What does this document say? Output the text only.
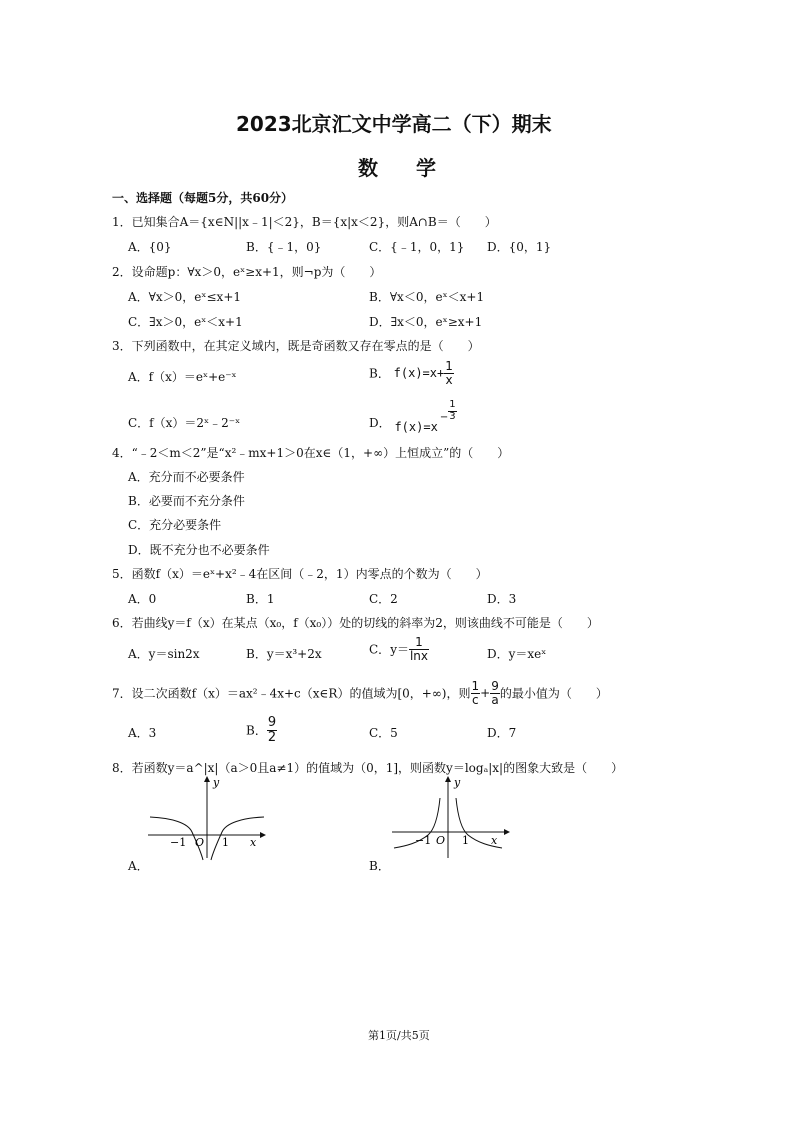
2023北京汇文中学高二（下）期末
数学
一、选择题（每题5分，共60分）
1．已知集合A＝{x∈N||x﹣1|＜2}，B＝{x|x＜2}，则A∩B＝（　　）
A．{0}	B．{﹣1，0}	C．{﹣1，0，1} D．{0，1}
2．设命题p：∀x＞0，eˣ≥x+1，则¬p为（　　）
A．∀x＞0，eˣ≤x+1	B．∀x＜0，eˣ＜x+1
C．∃x＞0，eˣ＜x+1	D．∃x＜0，eˣ≥x+1
3．下列函数中，在其定义域内，既是奇函数又存在零点的是（　　）
A．f（x）＝eˣ+e⁻ˣ	B． $f(x)=x+ \frac{1}{x}$
C．f（x）＝2ˣ﹣2⁻ˣ	D． $f(x)=x- \frac{1}{3}$
4．“﹣2＜m＜2”是“x²﹣mx+1＞0在x∈（1，+∞）上恒成立”的（　　）
A．充分而不必要条件
B．必要而不充分条件
C．充分必要条件
D．既不充分也不必要条件
5．函数f（x）＝eˣ+x²﹣4在区间（﹣2，1）内零点的个数为（　　）
A．0	B．1	C．2	D．3
6．若曲线y＝f（x）在某点（x₀，f（x₀））处的切线的斜率为2，则该曲线不可能是（　　）
A．y＝sin2x	B．y＝x³+2x	C．$y= \frac{1}{\ln x}$	D．y＝xeˣ
7．设二次函数f（x）＝ax²﹣4x+c（x∈R）的值域为[0，+∞)，则 $\frac{1}{c} + \frac{9}{a}$ 的最小值为（　　）
A．3	B． $\frac{9}{2}$	C．5	D．7
8．若函数y＝a^|x|（a＞0且a≠1）的值域为（0，1]，则函数y＝logₐ|x|的图象大致是（　　）
y
x
O
−1	1
A．
y
x
O
−1	1
B．
第1页/共5页
